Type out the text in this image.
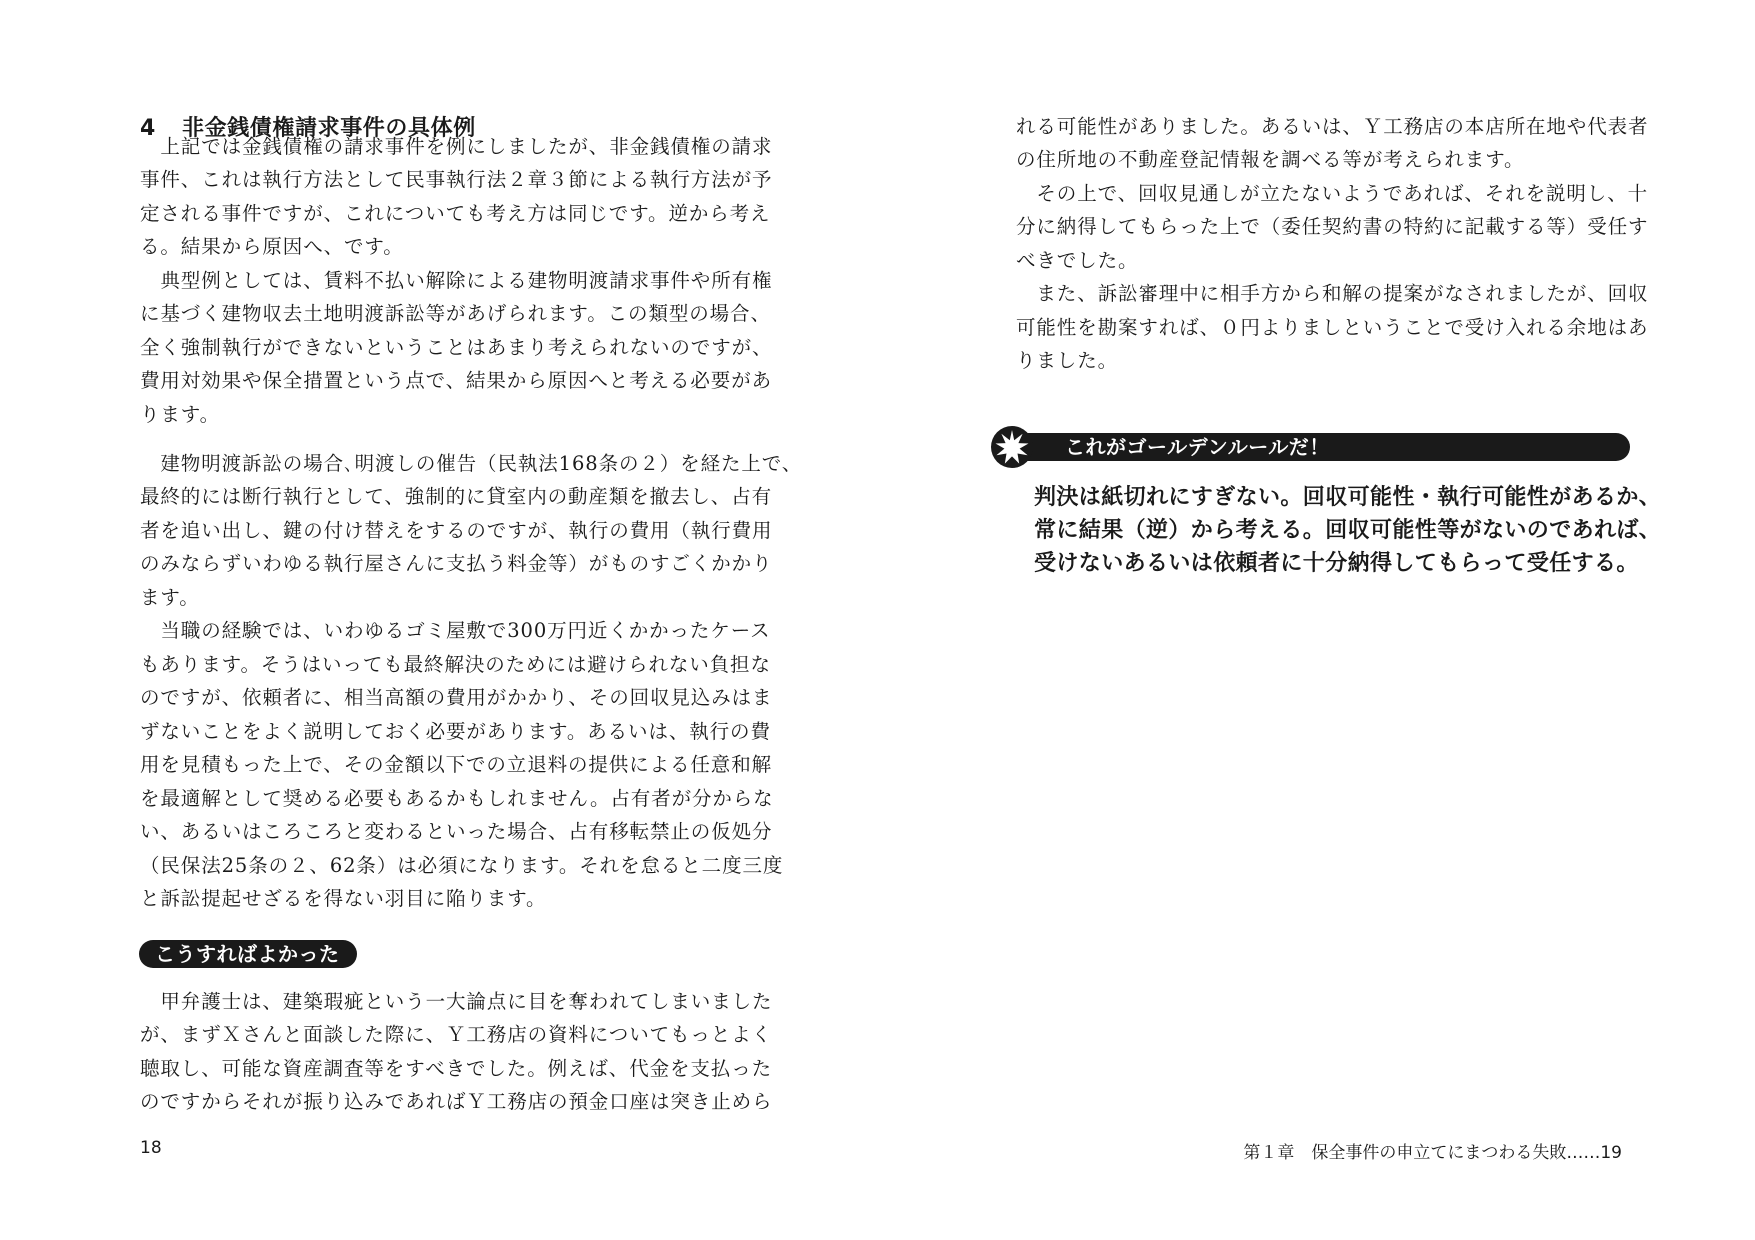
4 非金銭債権請求事件の具体例
　上記では金銭債権の請求事件を例にしましたが、非金銭債権の請求
事件、これは執行方法として民事執行法２章３節による執行方法が予
定される事件ですが、これについても考え方は同じです。逆から考え
る。結果から原因へ、です。
　典型例としては、賃料不払い解除による建物明渡請求事件や所有権
に基づく建物収去土地明渡訴訟等があげられます。この類型の場合、
全く強制執行ができないということはあまり考えられないのですが、
費用対効果や保全措置という点で、結果から原因へと考える必要があ
ります。
　建物明渡訴訟の場合､明渡しの催告（民執法168条の２）を経た上で、
最終的には断行執行として、強制的に貸室内の動産類を撤去し、占有
者を追い出し、鍵の付け替えをするのですが、執行の費用（執行費用
のみならずいわゆる執行屋さんに支払う料金等）がものすごくかかり
ます。
　当職の経験では、いわゆるゴミ屋敷で300万円近くかかったケース
もあります。そうはいっても最終解決のためには避けられない負担な
のですが、依頼者に、相当高額の費用がかかり、その回収見込みはま
ずないことをよく説明しておく必要があります。あるいは、執行の費
用を見積もった上で、その金額以下での立退料の提供による任意和解
を最適解として奨める必要もあるかもしれません。占有者が分からな
い、あるいはころころと変わるといった場合、占有移転禁止の仮処分
（民保法25条の２、62条）は必須になります。それを怠ると二度三度
と訴訟提起せざるを得ない羽目に陥ります。
こうすればよかった
　甲弁護士は、建築瑕疵という一大論点に目を奪われてしまいました
が、まずＸさんと面談した際に、Ｙ工務店の資料についてもっとよく
聴取し、可能な資産調査等をすべきでした。例えば、代金を支払った
のですからそれが振り込みであればＹ工務店の預金口座は突き止めら
18
れる可能性がありました。あるいは、Ｙ工務店の本店所在地や代表者
の住所地の不動産登記情報を調べる等が考えられます。
　その上で、回収見通しが立たないようであれば、それを説明し、十
分に納得してもらった上で（委任契約書の特約に記載する等）受任す
べきでした。
　また、訴訟審理中に相手方から和解の提案がなされましたが、回収
可能性を勘案すれば、０円よりましということで受け入れる余地はあ
りました。
これがゴールデンルールだ！
判決は紙切れにすぎない。回収可能性・執行可能性があるか、
常に結果（逆）から考える。回収可能性等がないのであれば、
受けないあるいは依頼者に十分納得してもらって受任する。
第１章　保全事件の申立てにまつわる失敗……19
